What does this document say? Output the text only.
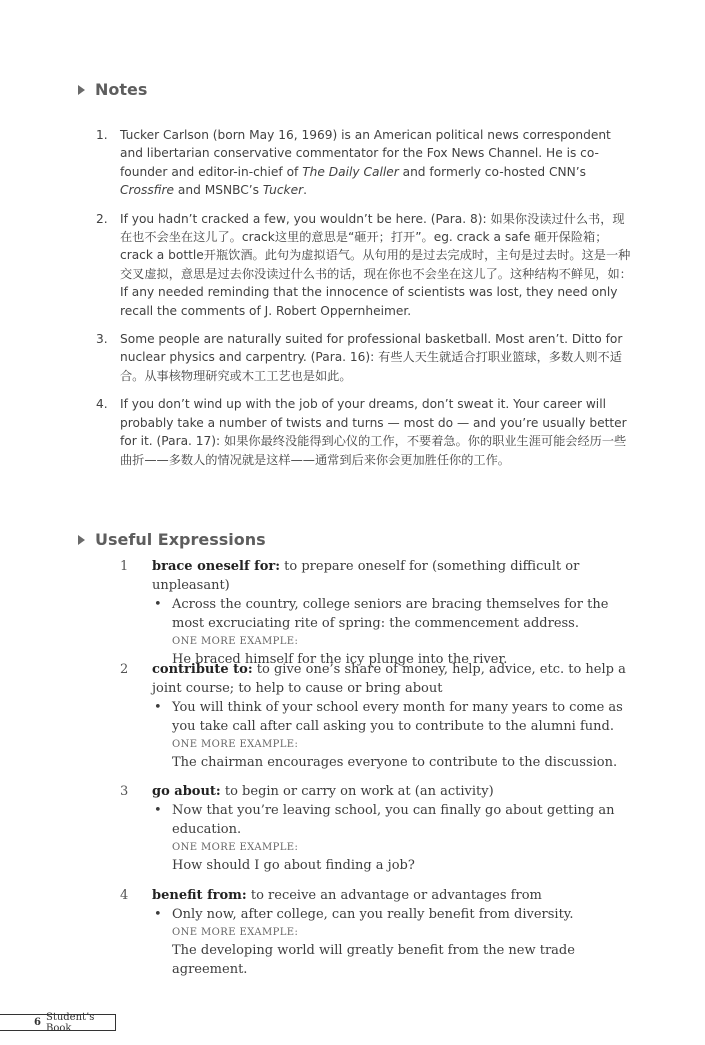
Notes
1. Tucker Carlson (born May 16, 1969) is an American political news correspondent and libertarian conservative commentator for the Fox News Channel. He is co-founder and editor-in-chief of The Daily Caller and formerly co-hosted CNN’s Crossfire and MSNBC’s Tucker.
2. If you hadn’t cracked a few, you wouldn’t be here. (Para. 8): 如果你没读过什么书，现在也不会坐在这儿了。crack这里的意思是“砸开；打开”。eg. crack a safe 砸开保险箱；crack a bottle开瓶饮酒。此句为虚拟语气。从句用的是过去完成时，主句是过去时。这是一种交叉虚拟，意思是过去你没读过什么书的话，现在你也不会坐在这儿了。这种结构不鲜见，如：If any needed reminding that the innocence of scientists was lost, they need only recall the comments of J. Robert Oppernheimer.
3. Some people are naturally suited for professional basketball. Most aren’t. Ditto for nuclear physics and carpentry. (Para. 16): 有些人天生就适合打职业篮球，多数人则不适合。从事核物理研究或木工工艺也是如此。
4. If you don’t wind up with the job of your dreams, don’t sweat it. Your career will probably take a number of twists and turns — most do — and you’re usually better for it. (Para. 17): 如果你最终没能得到心仪的工作，不要着急。你的职业生涯可能会经历一些曲折——多数人的情况就是这样——通常到后来你会更加胜任你的工作。
Useful Expressions
1	brace oneself for: to prepare oneself for (something difficult or unpleasant)
• Across the country, college seniors are bracing themselves for the most excruciating rite of spring: the commencement address.
ONE MORE EXAMPLE:
He braced himself for the icy plunge into the river.
2	contribute to: to give one’s share of money, help, advice, etc. to help a joint course; to help to cause or bring about
• You will think of your school every month for many years to come as you take call after call asking you to contribute to the alumni fund.
ONE MORE EXAMPLE:
The chairman encourages everyone to contribute to the discussion.
3	go about: to begin or carry on work at (an activity)
• Now that you’re leaving school, you can finally go about getting an education.
ONE MORE EXAMPLE:
How should I go about finding a job?
4	benefit from: to receive an advantage or advantages from
• Only now, after college, can you really benefit from diversity.
ONE MORE EXAMPLE:
The developing world will greatly benefit from the new trade agreement.
6 Student’s Book
